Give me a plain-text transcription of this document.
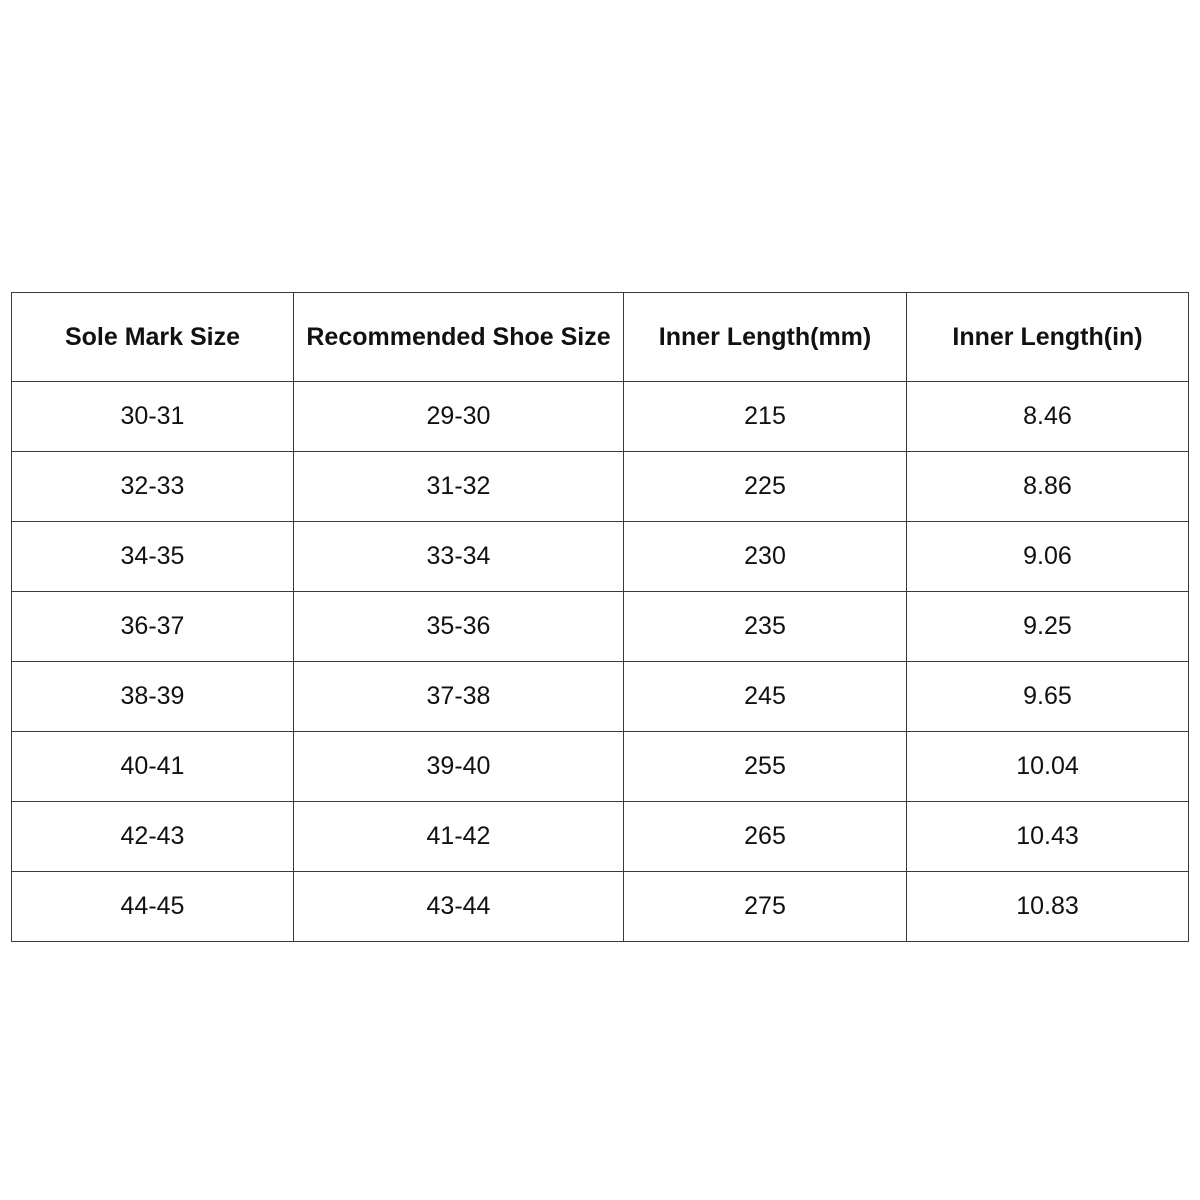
Sole Mark Size	Recommended Shoe Size	Inner Length(mm)	Inner Length(in)
30-31	29-30	215	8.46
32-33	31-32	225	8.86
34-35	33-34	230	9.06
36-37	35-36	235	9.25
38-39	37-38	245	9.65
40-41	39-40	255	10.04
42-43	41-42	265	10.43
44-45	43-44	275	10.83
